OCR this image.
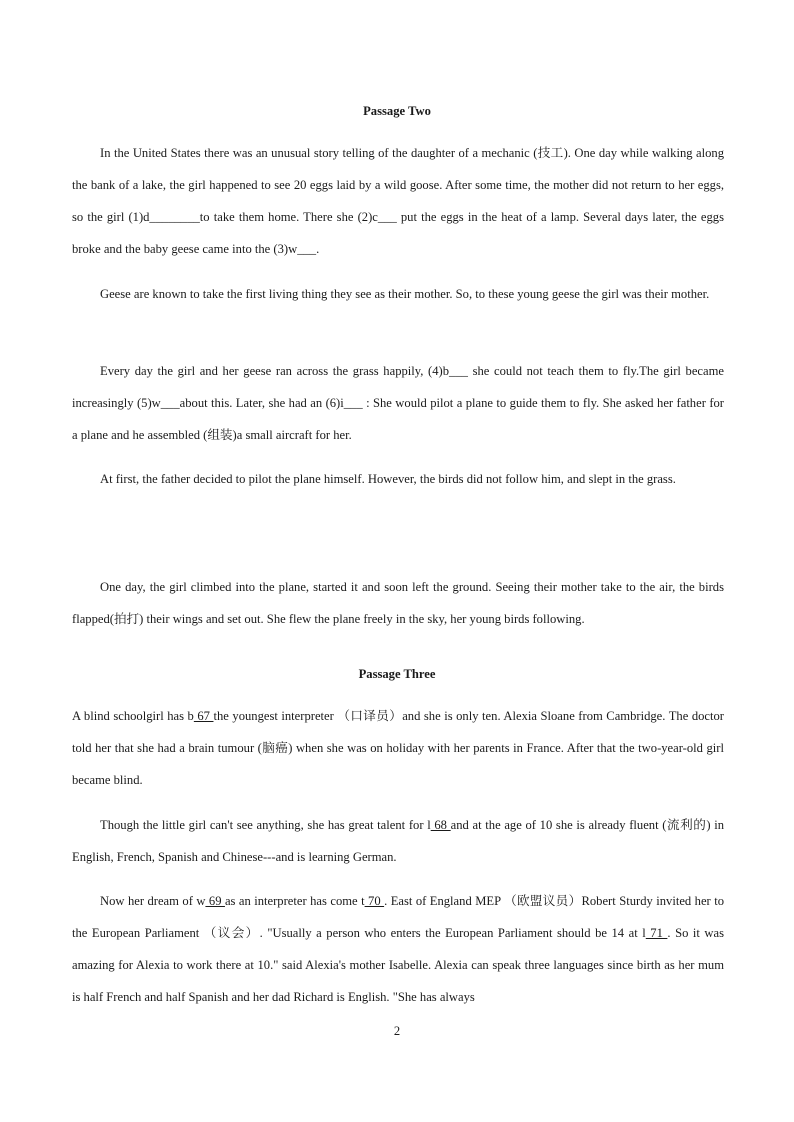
Passage Two

In the United States there was an unusual story telling of the daughter of a mechanic (技工). One day while walking along the bank of a lake, the girl happened to see 20 eggs laid by a wild goose. After some time, the mother did not return to her eggs, so the girl (1)d________to take them home. There she (2)c___ put the eggs in the heat of a lamp. Several days later, the eggs broke and the baby geese came into the (3)w___.

Geese are known to take the first living thing they see as their mother. So, to these young geese the girl was their mother.

Every day the girl and her geese ran across the grass happily, (4)b___ she could not teach them to fly.The girl became increasingly (5)w___about this. Later, she had an (6)i___ : She would pilot a plane to guide them to fly. She asked her father for a plane and he assembled (组装)a small aircraft for her.

At first, the father decided to pilot the plane himself. However, the birds did not follow him, and slept in the grass.

One day, the girl climbed into the plane, started it and soon left the ground. Seeing their mother take to the air, the birds flapped(拍打) their wings and set out. She flew the plane freely in the sky, her young birds following.

Passage Three

A blind schoolgirl has b 67 the youngest interpreter （口译员）and she is only ten. Alexia Sloane from Cambridge. The doctor told her that she had a brain tumour (脑癌) when she was on holiday with her parents in France. After that the two-year-old girl became blind.

Though the little girl can't see anything, she has great talent for l 68 and at the age of 10 she is already fluent (流利的) in English, French, Spanish and Chinese---and is learning German.

Now her dream of w 69 as an interpreter has come t 70 . East of England MEP （欧盟议员）Robert Sturdy invited her to the European Parliament （议会）. "Usually a person who enters the European Parliament should be 14 at l 71 . So it was amazing for Alexia to work there at 10." said Alexia's mother Isabelle. Alexia can speak three languages since birth as her mum is half French and half Spanish and her dad Richard is English. "She has always

2
